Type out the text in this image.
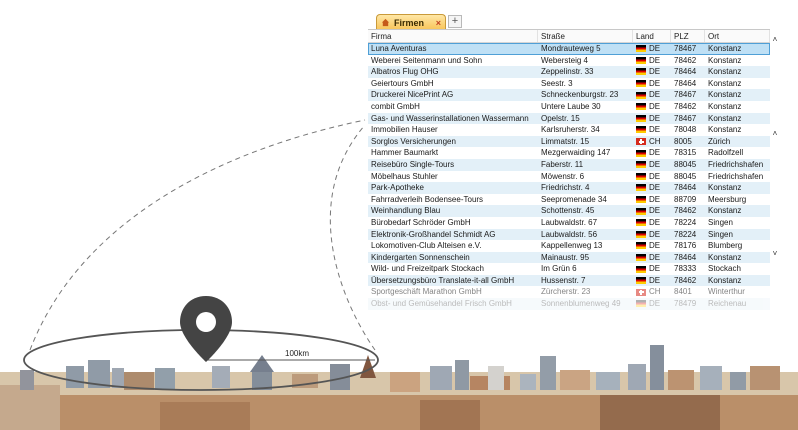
100km
Firmen × +
Firma	Straße	Land	PLZ	Ort
Luna Aventuras	Mondrauteweg 5	DE	78467	Konstanz
Weberei Seitenmann und Sohn	Webersteig 4	DE	78462	Konstanz
Albatros Flug OHG	Zeppelinstr. 33	DE	78464	Konstanz
Geiertours GmbH	Seestr. 3	DE	78464	Konstanz
Druckerei NicePrint AG	Schneckenburgstr. 23	DE	78467	Konstanz
combit GmbH	Untere Laube 30	DE	78462	Konstanz
Gas- und Wasserinstallationen Wassermann	Opelstr. 15	DE	78467	Konstanz
Immobilien Hauser	Karlsruherstr. 34	DE	78048	Konstanz
Sorglos Versicherungen	Limmatstr. 15	CH	8005	Zürich
Hammer Baumarkt	Mezgerwaiding 147	DE	78315	Radolfzell
Reisebüro Single-Tours	Faberstr. 11	DE	88045	Friedrichshafen
Möbelhaus Stuhler	Möwenstr. 6	DE	88045	Friedrichshafen
Park-Apotheke	Friedrichstr. 4	DE	78464	Konstanz
Fahrradverleih Bodensee-Tours	Seepromenade 34	DE	88709	Meersburg
Weinhandlung Blau	Schottenstr. 45	DE	78462	Konstanz
Bürobedarf Schröder GmbH	Laubwaldstr. 67	DE	78224	Singen
Elektronik-Großhandel Schmidt AG	Laubwaldstr. 56	DE	78224	Singen
Lokomotiven-Club Alteisen e.V.	Kappellenweg 13	DE	78176	Blumberg
Kindergarten Sonnenschein	Mainaustr. 95	DE	78464	Konstanz
Wild- und Freizeitpark Stockach	Im Grün 6	DE	78333	Stockach
Übersetzungsbüro Translate-it-all GmbH	Hussenstr. 7	DE	78462	Konstanz
Sportgeschäft Marathon GmbH	Zürcherstr. 23	CH	8401	Winterthur
Obst- und Gemüsehandel Frisch GmbH	Sonnenblumenweg 49	DE	78479	Reichenau
˄
˄
˅
